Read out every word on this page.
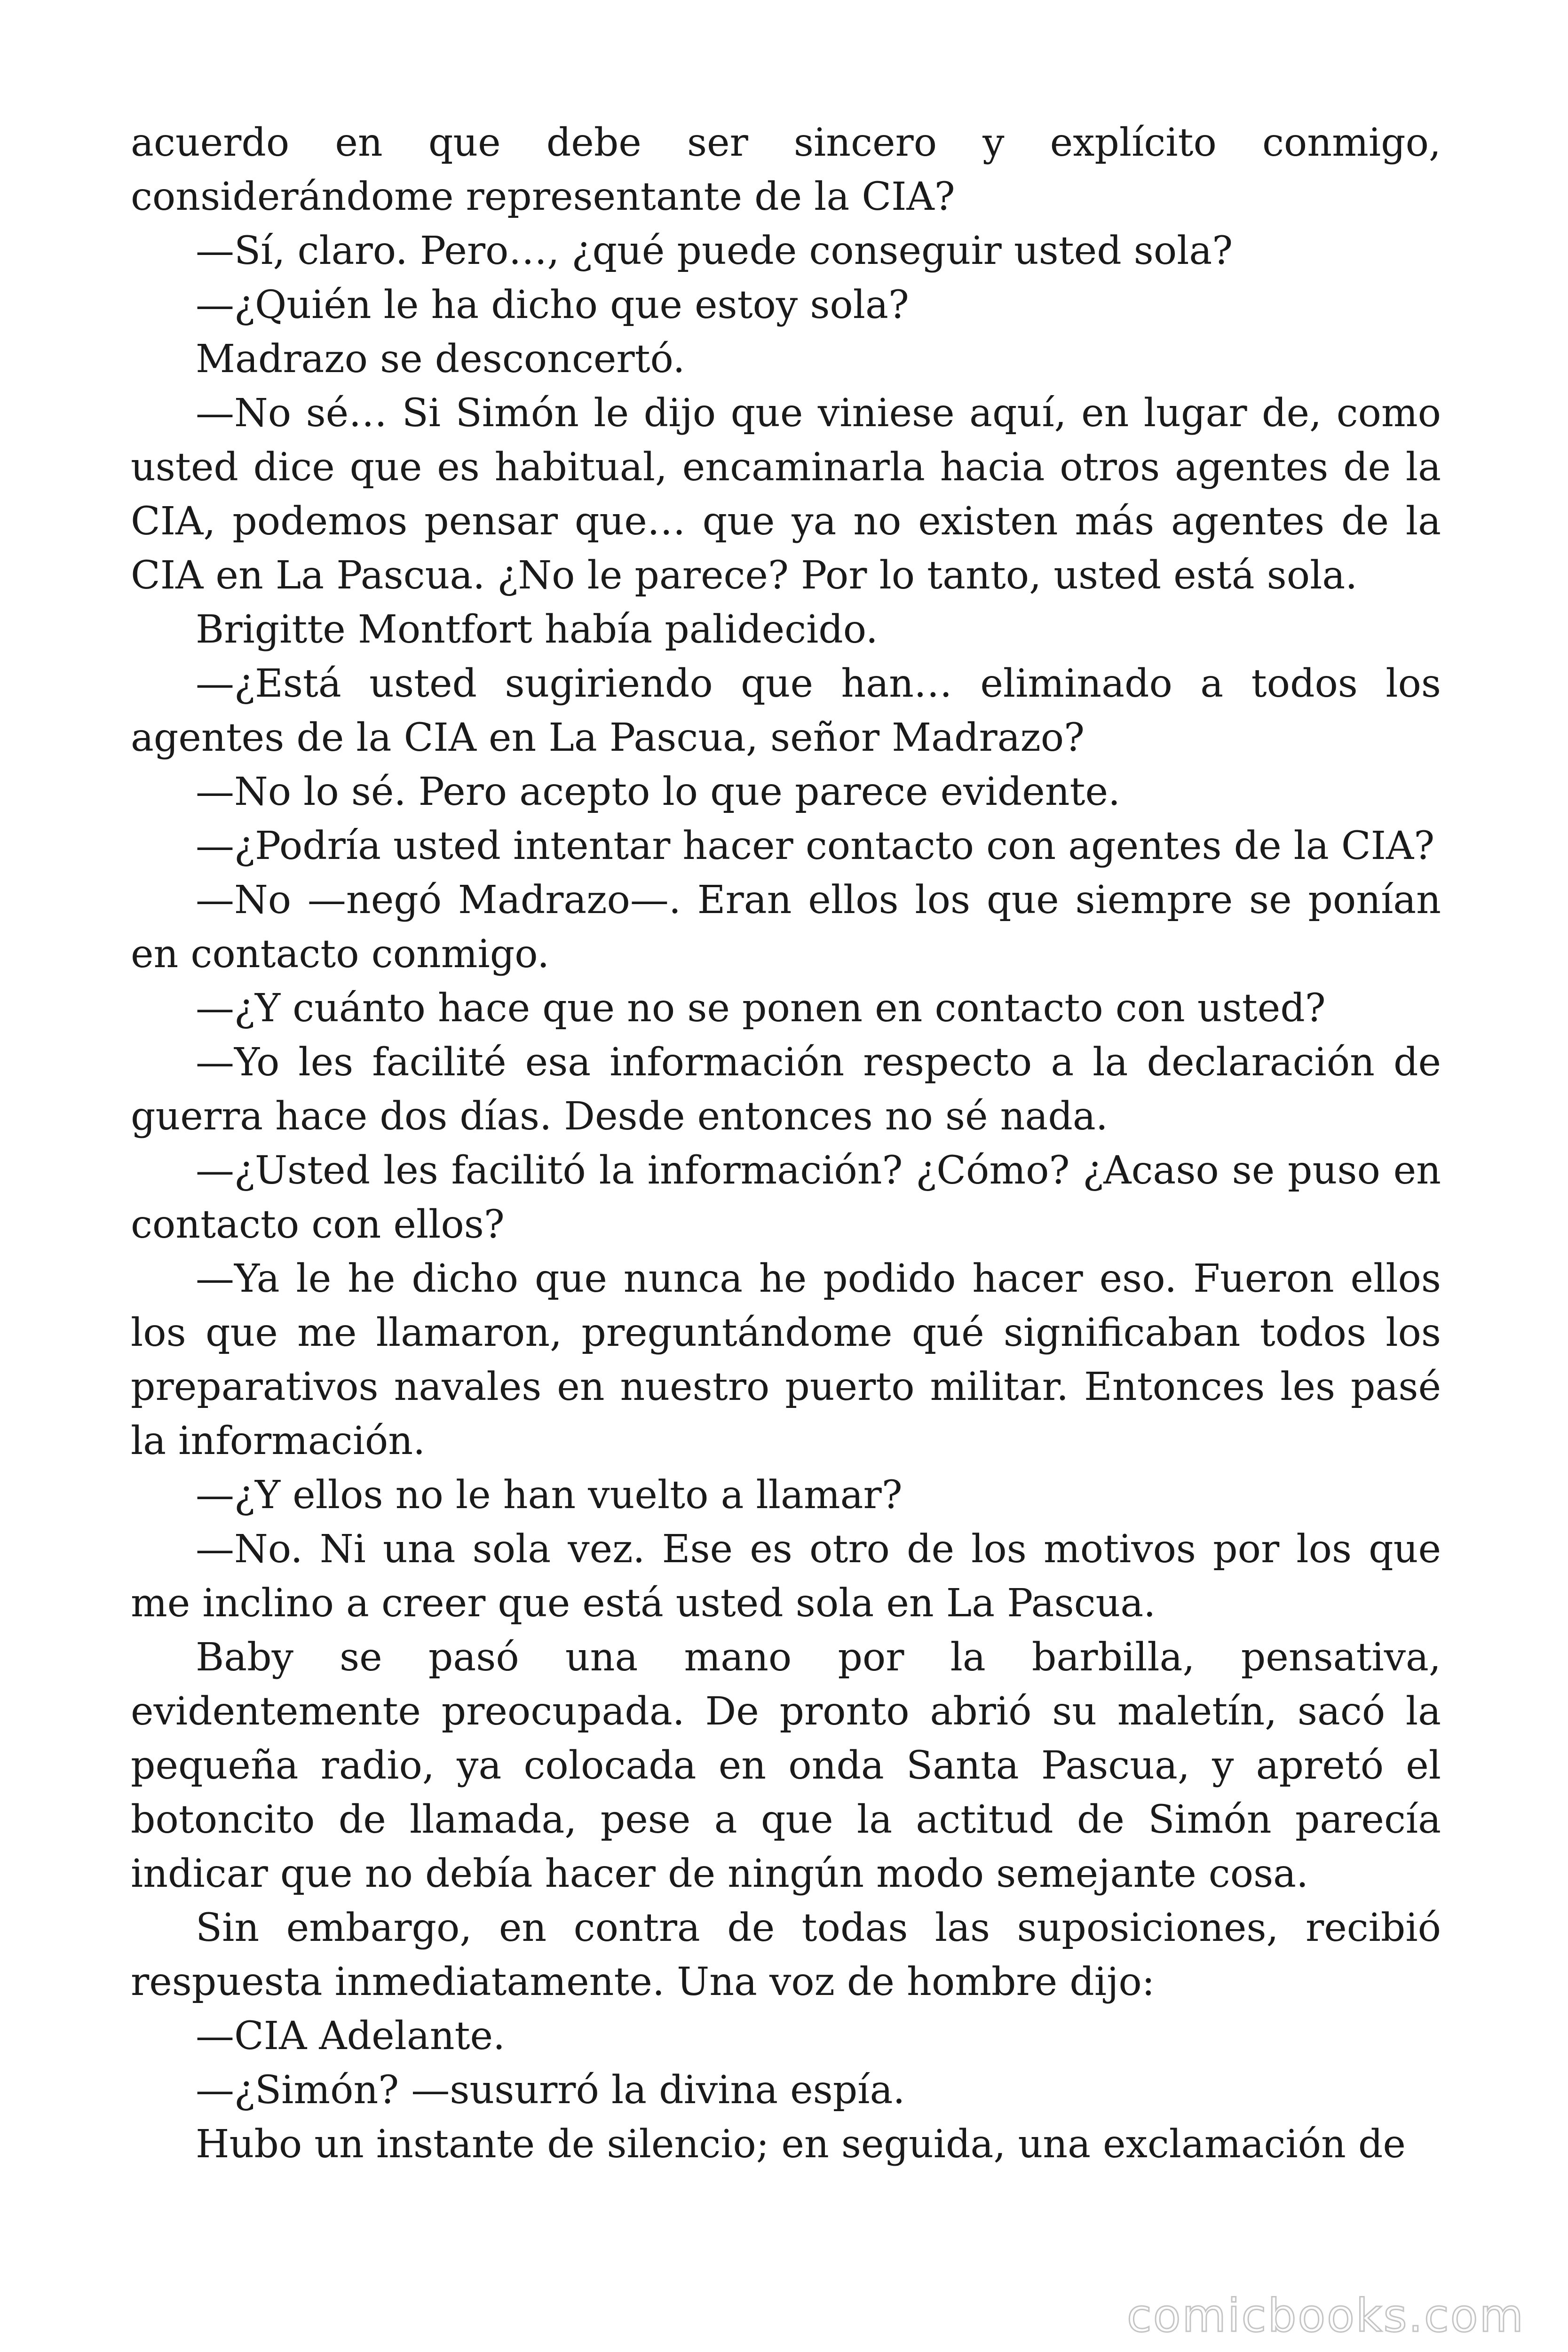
acuerdo en que debe ser sincero y explícito conmigo, considerándome representante de la CIA?

—Sí, claro. Pero…, ¿qué puede conseguir usted sola?

—¿Quién le ha dicho que estoy sola?

Madrazo se desconcertó.

—No sé… Si Simón le dijo que viniese aquí, en lugar de, como usted dice que es habitual, encaminarla hacia otros agentes de la CIA, podemos pensar que… que ya no existen más agentes de la CIA en La Pascua. ¿No le parece? Por lo tanto, usted está sola.

Brigitte Montfort había palidecido.

—¿Está usted sugiriendo que han… eliminado a todos los agentes de la CIA en La Pascua, señor Madrazo?

—No lo sé. Pero acepto lo que parece evidente.

—¿Podría usted intentar hacer contacto con agentes de la CIA?

—No —negó Madrazo—. Eran ellos los que siempre se ponían en contacto conmigo.

—¿Y cuánto hace que no se ponen en contacto con usted?

—Yo les facilité esa información respecto a la declaración de guerra hace dos días. Desde entonces no sé nada.

—¿Usted les facilitó la información? ¿Cómo? ¿Acaso se puso en contacto con ellos?

—Ya le he dicho que nunca he podido hacer eso. Fueron ellos los que me llamaron, preguntándome qué significaban todos los preparativos navales en nuestro puerto militar. Entonces les pasé la información.

—¿Y ellos no le han vuelto a llamar?

—No. Ni una sola vez. Ese es otro de los motivos por los que me inclino a creer que está usted sola en La Pascua.

Baby se pasó una mano por la barbilla, pensativa, evidentemente preocupada. De pronto abrió su maletín, sacó la pequeña radio, ya colocada en onda Santa Pascua, y apretó el botoncito de llamada, pese a que la actitud de Simón parecía indicar que no debía hacer de ningún modo semejante cosa.

Sin embargo, en contra de todas las suposiciones, recibió respuesta inmediatamente. Una voz de hombre dijo:

—CIA Adelante.

—¿Simón? —susurró la divina espía.

Hubo un instante de silencio; en seguida, una exclamación de

comicbooks.com
